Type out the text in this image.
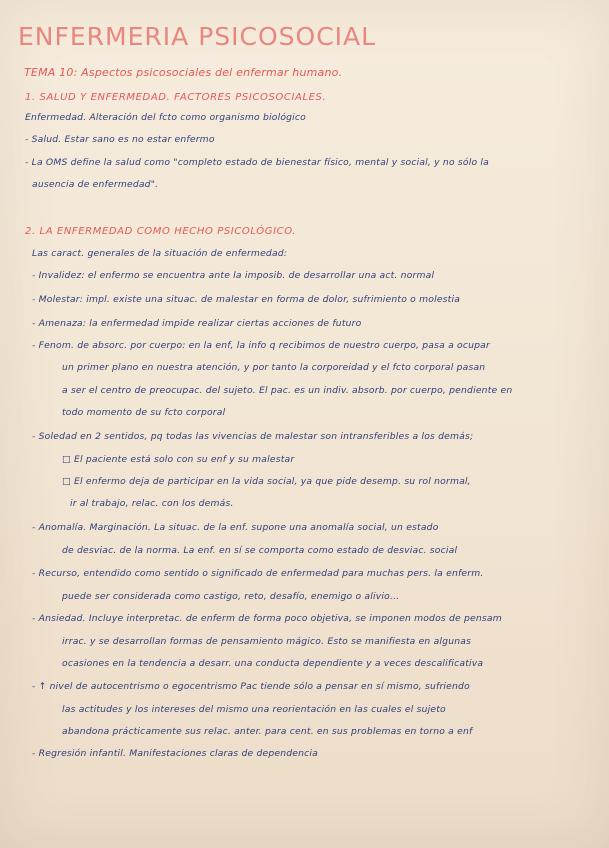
ENFERMERIA PSICOSOCIAL
TEMA 10: Aspectos psicosociales del enfermar humano.
1. SALUD Y ENFERMEDAD. FACTORES PSICOSOCIALES.
Enfermedad. Alteración del fcto como organismo biológico
- Salud. Estar sano es no estar enfermo
- La OMS define la salud como "completo estado de bienestar físico, mental y social, y no sólo la
ausencia de enfermedad".
2. LA ENFERMEDAD COMO HECHO PSICOLÓGICO.
Las caract. generales de la situación de enfermedad:
- Invalidez: el enfermo se encuentra ante la imposib. de desarrollar una act. normal
- Molestar: impl. existe una situac. de malestar en forma de dolor, sufrimiento o molestia
- Amenaza: la enfermedad impide realizar ciertas acciones de futuro
- Fenom. de absorc. por cuerpo: en la enf, la info q recibimos de nuestro cuerpo, pasa a ocupar
un primer plano en nuestra atención, y por tanto la corporeidad y el fcto corporal pasan
a ser el centro de preocupac. del sujeto. El pac. es un indiv. absorb. por cuerpo, pendiente en
todo momento de su fcto corporal
- Soledad en 2 sentidos, pq todas las vivencias de malestar son intransferibles a los demás;
□ El paciente está solo con su enf y su malestar
□ El enfermo deja de participar en la vida social, ya que pide desemp. su rol normal,
ir al trabajo, relac. con los demás.
- Anomalía. Marginación. La situac. de la enf. supone una anomalía social, un estado
de desviac. de la norma. La enf. en sí se comporta como estado de desviac. social
- Recurso, entendido como sentido o significado de enfermedad para muchas pers. la enferm.
puede ser considerada como castigo, reto, desafío, enemigo o alivio...
- Ansiedad. Incluye interpretac. de enferm de forma poco objetiva, se imponen modos de pensam
irrac. y se desarrollan formas de pensamiento mágico. Esto se manifiesta en algunas
ocasiones en la tendencia a desarr. una conducta dependiente y a veces descalificativa
- ↑ nivel de autocentrismo o egocentrismo Pac tiende sólo a pensar en sí mismo, sufriendo
las actitudes y los intereses del mismo una reorientación en las cuales el sujeto
abandona prácticamente sus relac. anter. para cent. en sus problemas en torno a enf
- Regresión infantil. Manifestaciones claras de dependencia
